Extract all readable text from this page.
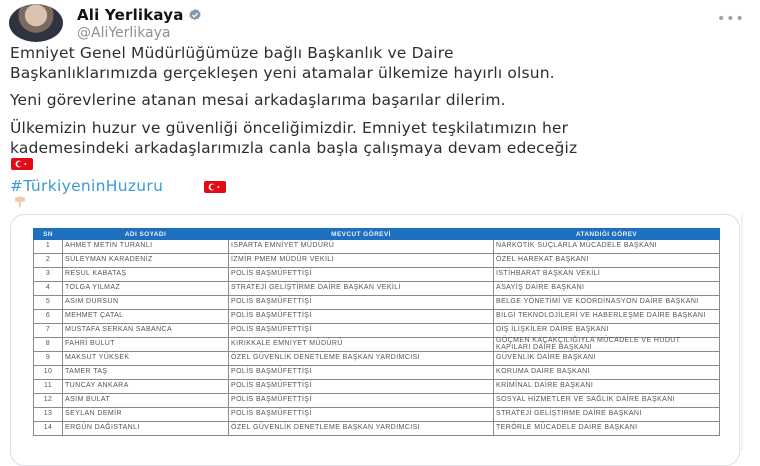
Ali Yerlikaya
@AliYerlikaya
•••
Emniyet Genel Müdürlüğümüze bağlı Başkanlık ve Daire
Başkanlıklarımızda gerçekleşen yeni atamalar ülkemize hayırlı olsun.
Yeni görevlerine atanan mesai arkadaşlarıma başarılar dilerim.
Ülkemizin huzur ve güvenliği önceliğimizdir. Emniyet teşkilatımızın her
kademesindeki arkadaşlarımızla canla başla çalışmaya devam edeceğiz
#TürkiyeninHuzuru
SN	ADI SOYADI	MEVCUT GÖREVİ	ATANDIĞI GÖREV
1	AHMET METİN TURANLI	ISPARTA EMNİYET MÜDÜRÜ	NARKOTİK SUÇLARLA MÜCADELE BAŞKANI
2	SÜLEYMAN KARADENİZ	İZMİR PMEM MÜDÜR VEKİLİ	ÖZEL HAREKAT BAŞKANI
3	RESUL KABATAŞ	POLİS BAŞMÜFETTİŞİ	İSTİHBARAT BAŞKAN VEKİLİ
4	TOLGA YILMAZ	STRATEJİ GELİŞTİRME DAİRE BAŞKAN VEKİLİ	ASAYİŞ DAİRE BAŞKANI
5	ASIM DURSUN	POLİS BAŞMÜFETTİŞİ	BELGE YÖNETİMİ VE KOORDİNASYON DAİRE BAŞKANI
6	MEHMET ÇATAL	POLİS BAŞMÜFETTİŞİ	BİLGİ TEKNOLOJİLERİ VE HABERLEŞME DAİRE BAŞKANI
7	MUSTAFA SERKAN SABANCA	POLİS BAŞMÜFETTİŞİ	DIŞ İLİŞKİLER DAİRE BAŞKANI
8	FAHRİ BULUT	KIRIKKALE EMNİYET MÜDÜRÜ	GÖÇMEN KAÇAKÇILIĞIYLA MÜCADELE VE HUDUT KAPILARI DAİRE BAŞKANI
9	MAKSUT YÜKSEK	ÖZEL GÜVENLİK DENETLEME BAŞKAN YARDIMCISI	GÜVENLİK DAİRE BAŞKANI
10	TAMER TAŞ	POLİS BAŞMÜFETTİŞİ	KORUMA DAİRE BAŞKANI
11	TUNCAY ANKARA	POLİS BAŞMÜFETTİŞİ	KRİMİNAL DAİRE BAŞKANI
12	ASIM BULAT	POLİS BAŞMÜFETTİŞİ	SOSYAL HİZMETLER VE SAĞLIK DAİRE BAŞKANI
13	SEYLAN DEMİR	POLİS BAŞMÜFETTİŞİ	STRATEJİ GELİŞTİRME DAİRE BAŞKANI
14	ERGÜN DAĞISTANLI	ÖZEL GÜVENLİK DENETLEME BAŞKAN YARDIMCISI	TERÖRLE MÜCADELE DAİRE BAŞKANI
